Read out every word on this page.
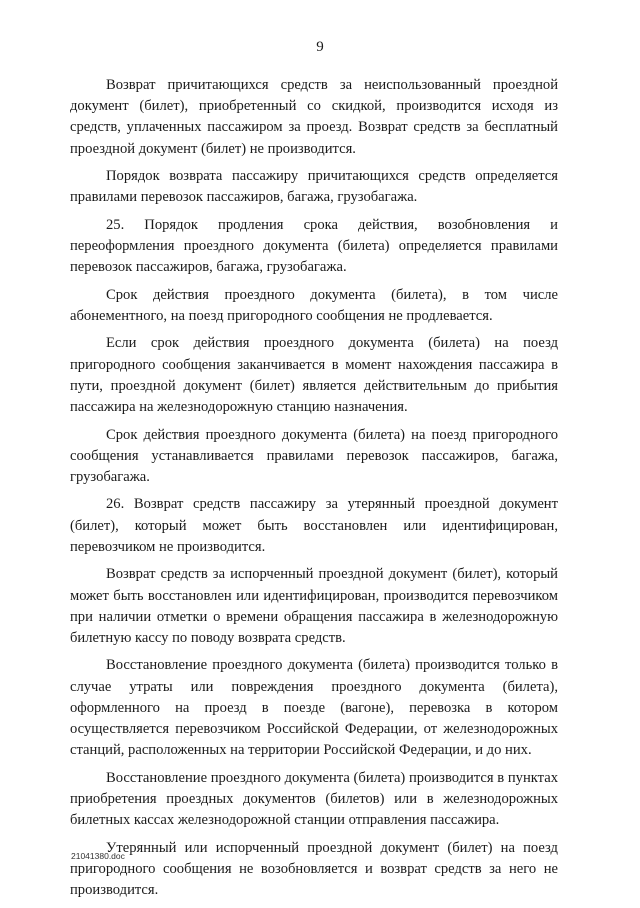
9

Возврат причитающихся средств за неиспользованный проездной документ (билет), приобретенный со скидкой, производится исходя из средств, уплаченных пассажиром за проезд. Возврат средств за бесплатный проездной документ (билет) не производится.

Порядок возврата пассажиру причитающихся средств определяется правилами перевозок пассажиров, багажа, грузобагажа.

25. Порядок продления срока действия, возобновления и переоформления проездного документа (билета) определяется правилами перевозок пассажиров, багажа, грузобагажа.

Срок действия проездного документа (билета), в том числе абонементного, на поезд пригородного сообщения не продлевается.

Если срок действия проездного документа (билета) на поезд пригородного сообщения заканчивается в момент нахождения пассажира в пути, проездной документ (билет) является действительным до прибытия пассажира на железнодорожную станцию назначения.

Срок действия проездного документа (билета) на поезд пригородного сообщения устанавливается правилами перевозок пассажиров, багажа, грузобагажа.

26. Возврат средств пассажиру за утерянный проездной документ (билет), который может быть восстановлен или идентифицирован, перевозчиком не производится.

Возврат средств за испорченный проездной документ (билет), который может быть восстановлен или идентифицирован, производится перевозчиком при наличии отметки о времени обращения пассажира в железнодорожную билетную кассу по поводу возврата средств.

Восстановление проездного документа (билета) производится только в случае утраты или повреждения проездного документа (билета), оформленного на проезд в поезде (вагоне), перевозка в котором осуществляется перевозчиком Российской Федерации, от железнодорожных станций, расположенных на территории Российской Федерации, и до них.

Восстановление проездного документа (билета) производится в пунктах приобретения проездных документов (билетов) или в железнодорожных билетных кассах железнодорожной станции отправления пассажира.

Утерянный или испорченный проездной документ (билет) на поезд пригородного сообщения не возобновляется и возврат средств за него не производится.

21041380.doc
